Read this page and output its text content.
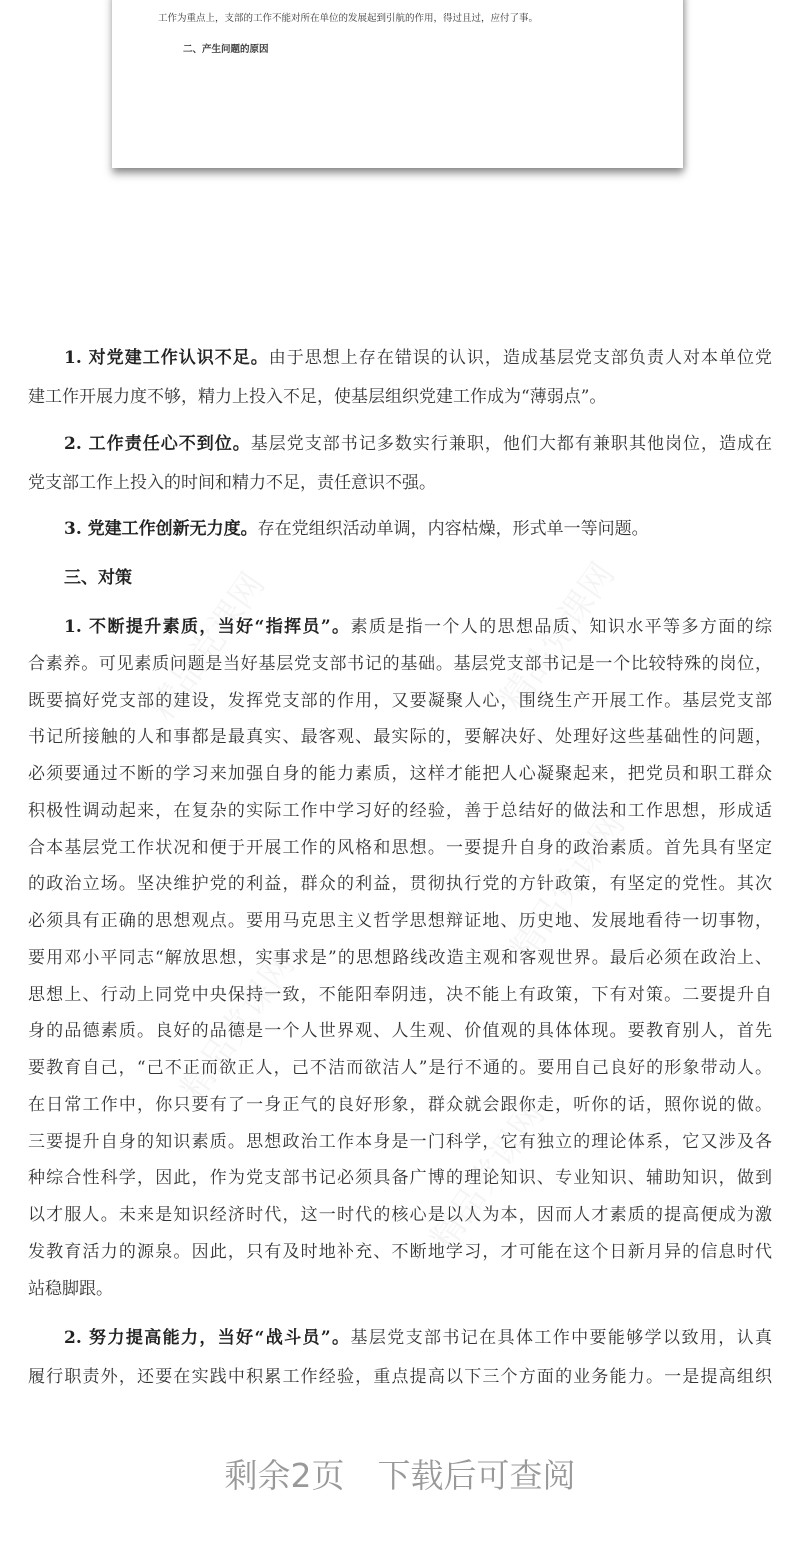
工作为重点上，支部的工作不能对所在单位的发展起到引航的作用，得过且过，应付了事。
二、产生问题的原因
1. 对党建工作认识不足。由于思想上存在错误的认识，造成基层党支部负责人对本单位党
建工作开展力度不够，精力上投入不足，使基层组织党建工作成为“薄弱点”。
2. 工作责任心不到位。基层党支部书记多数实行兼职，他们大都有兼职其他岗位，造成在
党支部工作上投入的时间和精力不足，责任意识不强。
3. 党建工作创新无力度。存在党组织活动单调，内容枯燥，形式单一等问题。
三、对策
1. 不断提升素质，当好“指挥员”。素质是指一个人的思想品质、知识水平等多方面的综
合素养。可见素质问题是当好基层党支部书记的基础。基层党支部书记是一个比较特殊的岗位，
既要搞好党支部的建设，发挥党支部的作用，又要凝聚人心，围绕生产开展工作。基层党支部
书记所接触的人和事都是最真实、最客观、最实际的，要解决好、处理好这些基础性的问题，
必须要通过不断的学习来加强自身的能力素质，这样才能把人心凝聚起来，把党员和职工群众
积极性调动起来，在复杂的实际工作中学习好的经验，善于总结好的做法和工作思想，形成适
合本基层党工作状况和便于开展工作的风格和思想。一要提升自身的政治素质。首先具有坚定
的政治立场。坚决维护党的利益，群众的利益，贯彻执行党的方针政策，有坚定的党性。其次
必须具有正确的思想观点。要用马克思主义哲学思想辩证地、历史地、发展地看待一切事物，
要用邓小平同志“解放思想，实事求是”的思想路线改造主观和客观世界。最后必须在政治上、
思想上、行动上同党中央保持一致，不能阳奉阴违，决不能上有政策，下有对策。二要提升自
身的品德素质。良好的品德是一个人世界观、人生观、价值观的具体体现。要教育别人，首先
要教育自己，“己不正而欲正人，己不洁而欲洁人”是行不通的。要用自己良好的形象带动人。
在日常工作中，你只要有了一身正气的良好形象，群众就会跟你走，听你的话，照你说的做。
三要提升自身的知识素质。思想政治工作本身是一门科学，它有独立的理论体系，它又涉及各
种综合性科学，因此，作为党支部书记必须具备广博的理论知识、专业知识、辅助知识，做到
以才服人。未来是知识经济时代，这一时代的核心是以人为本，因而人才素质的提高便成为激
发教育活力的源泉。因此，只有及时地补充、不断地学习，才可能在这个日新月异的信息时代
站稳脚跟。
2. 努力提高能力，当好“战斗员”。基层党支部书记在具体工作中要能够学以致用，认真
履行职责外，还要在实践中积累工作经验，重点提高以下三个方面的业务能力。一是提高组织
剩余2页　下载后可查阅
